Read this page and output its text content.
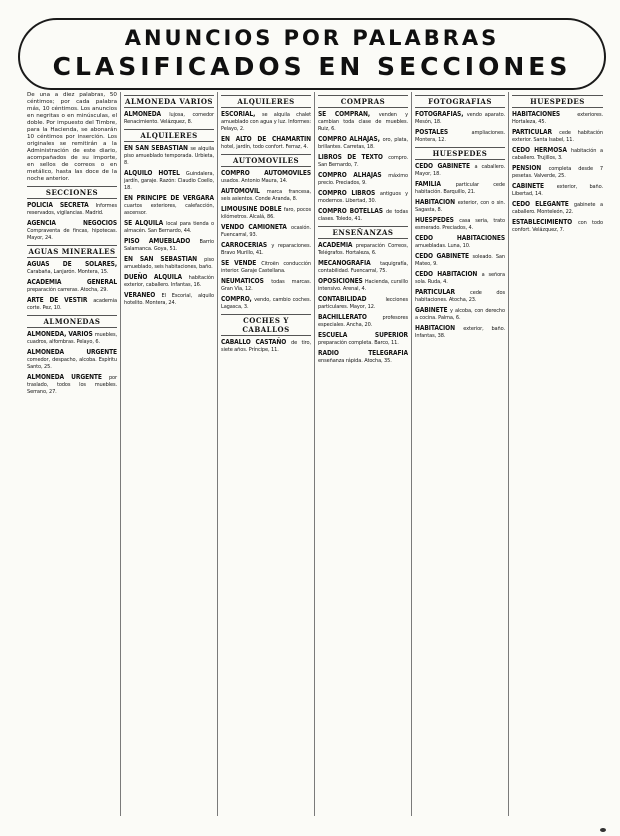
ANUNCIOS POR PALABRAS
CLASIFICADOS EN SECCIONES
De una a diez palabras, 50 céntimos; por cada palabra más, 10 céntimos. Los anuncios en negritas o en minúsculas, el doble. Por impuesto del Timbre, para la Hacienda, se abonarán 10 céntimos por inserción. Los originales se remitirán a la Administración de este diario, acompañados de su importe, en sellos de correos o en metálico, hasta las doce de la noche anterior.
SECCIONES
POLICIA SECRETA Informes reservados, vigilancias. Madrid.
AGENCIA NEGOCIOS Compraventa de fincas, hipotecas. Mayor, 24.
AGUAS MINERALES
AGUAS DE SOLARES, Carabaña, Lanjarón. Montera, 15.
ACADEMIA GENERAL preparación carreras. Atocha, 29.
ARTE DE VESTIR academia corte. Pez, 10.
ALMONEDAS
ALMONEDA, VARIOS muebles, cuadros, alfombras. Pelayo, 6.
ALMONEDA URGENTE comedor, despacho, alcoba. Espíritu Santo, 25.
ALMONEDA URGENTE por traslado, todos los muebles. Serrano, 27.
ALMONEDA VARIOS
ALMONEDA lujosa, comedor Renacimiento. Velázquez, 8.
ALQUILERES
EN SAN SEBASTIAN se alquila piso amueblado temporada. Urbieta, 8.
ALQUILO HOTEL Guindalera, jardín, garaje. Razón: Claudio Coello, 18.
EN PRINCIPE DE VERGARA cuartos exteriores, calefacción, ascensor.
SE ALQUILA local para tienda o almacén. San Bernardo, 44.
PISO AMUEBLADO Barrio Salamanca. Goya, 51.
EN SAN SEBASTIAN piso amueblado, seis habitaciones, baño.
DUEÑO ALQUILA habitación exterior, caballero. Infantas, 16.
VERANEO El Escorial, alquilo hotelito. Montera, 24.
ALQUILERES
ESCORIAL, se alquila chalet amueblado con agua y luz. Informes: Pelayo, 2.
EN ALTO DE CHAMARTIN hotel, jardín, todo confort. Ferraz, 4.
AUTOMOVILES
COMPRO AUTOMOVILES usados. Antonio Maura, 14.
AUTOMOVIL marca francesa, seis asientos. Conde Aranda, 8.
LIMOUSINE DOBLE faro, pocos kilómetros. Alcalá, 86.
VENDO CAMIONETA ocasión. Fuencarral, 93.
CARROCERIAS y reparaciones. Bravo Murillo, 41.
SE VENDE Citroën conducción interior. Garaje Castellana.
NEUMATICOS todas marcas. Gran Vía, 12.
COMPRO, vendo, cambio coches. Lagasca, 3.
COCHES Y CABALLOS
CABALLO CASTAÑO de tiro, siete años. Príncipe, 11.
COMPRAS
SE COMPRAN, venden y cambian toda clase de muebles. Ruiz, 6.
COMPRO ALHAJAS, oro, plata, brillantes. Carretas, 18.
LIBROS DE TEXTO compro. San Bernardo, 7.
COMPRO ALHAJAS máximo precio. Preciados, 9.
COMPRO LIBROS antiguos y modernos. Libertad, 30.
COMPRO BOTELLAS de todas clases. Toledo, 41.
ENSEÑANZAS
ACADEMIA preparación Correos, Telégrafos. Hortaleza, 6.
MECANOGRAFIA taquigrafía, contabilidad. Fuencarral, 75.
OPOSICIONES Hacienda, cursillo intensivo. Arenal, 4.
CONTABILIDAD lecciones particulares. Mayor, 12.
BACHILLERATO profesores especiales. Ancha, 20.
ESCUELA SUPERIOR preparación completa. Barco, 11.
RADIO TELEGRAFIA enseñanza rápida. Atocha, 35.
FOTOGRAFIAS
FOTOGRAFIAS, vendo aparato. Mesón, 18.
POSTALES ampliaciones. Montera, 12.
HUESPEDES
CEDO GABINETE a caballero. Mayor, 18.
FAMILIA particular cede habitación. Barquillo, 21.
HABITACION exterior, con o sin. Sagasta, 8.
HUESPEDES casa seria, trato esmerado. Preciados, 4.
CEDO HABITACIONES amuebladas. Luna, 10.
CEDO GABINETE soleado. San Mateo, 9.
CEDO HABITACION a señora sola. Ruda, 4.
PARTICULAR cede dos habitaciones. Atocha, 23.
GABINETE y alcoba, con derecho a cocina. Palma, 6.
HABITACION exterior, baño. Infantas, 38.
HUESPEDES
HABITACIONES exteriores. Hortaleza, 45.
PARTICULAR cede habitación exterior. Santa Isabel, 11.
CEDO HERMOSA habitación a caballero. Trujillos, 3.
PENSION completa desde 7 pesetas. Valverde, 25.
CABINETE exterior, baño. Libertad, 14.
CEDO ELEGANTE gabinete a caballero. Monteleón, 22.
ESTABLECIMIENTO con todo confort. Velázquez, 7.
